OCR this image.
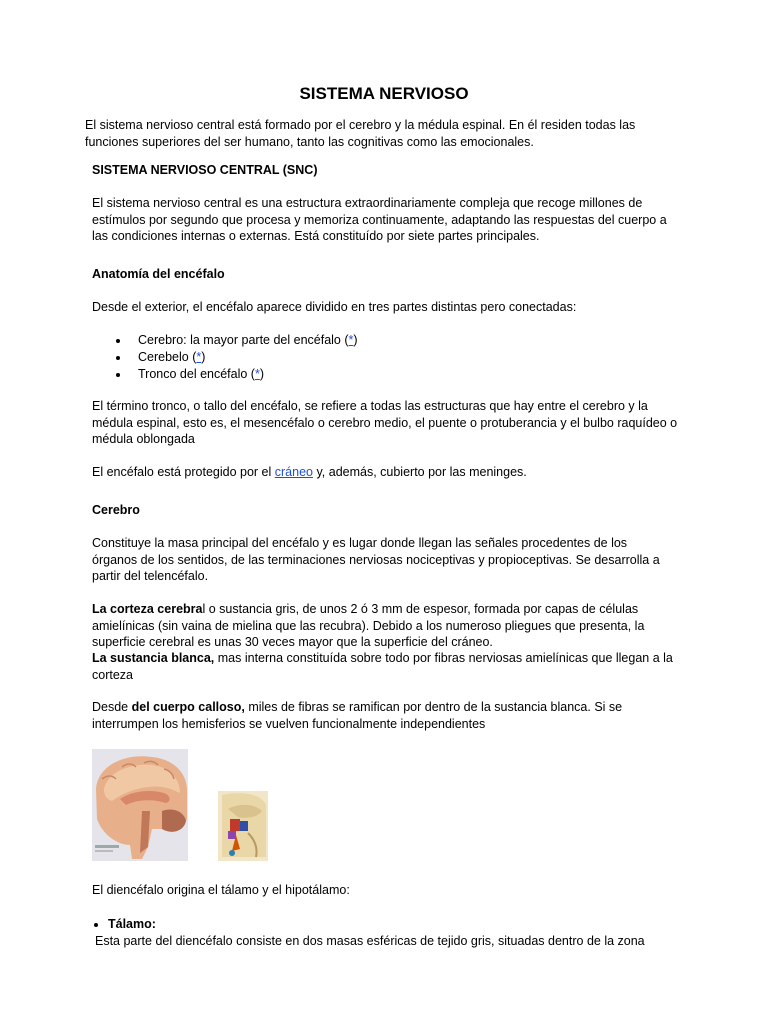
SISTEMA NERVIOSO

El sistema nervioso central está formado por el cerebro y la médula espinal. En él residen todas las funciones superiores del ser humano, tanto las cognitivas como las emocionales.

SISTEMA NERVIOSO CENTRAL (SNC)

El sistema nervioso central es una estructura extraordinariamente compleja que recoge millones de estímulos por segundo que procesa y memoriza continuamente, adaptando las respuestas del cuerpo a las condiciones internas o externas. Está constituído por siete partes principales.

Anatomía del encéfalo

Desde el exterior, el encéfalo aparece dividido en tres partes distintas pero conectadas:

Cerebro: la mayor parte del encéfalo (*)
Cerebelo (*)
Tronco del encéfalo (*)

El término tronco, o tallo del encéfalo, se refiere a todas las estructuras que hay entre el cerebro y la médula espinal, esto es, el mesencéfalo o cerebro medio, el puente o protuberancia y el bulbo raquídeo o médula oblongada

El encéfalo está protegido por el cráneo y, además, cubierto por las meninges.

Cerebro

Constituye la masa principal del encéfalo y es lugar donde llegan las señales procedentes de los órganos de los sentidos, de las terminaciones nerviosas nociceptivas y propioceptivas. Se desarrolla a partir del telencéfalo.

La corteza cerebral o sustancia gris, de unos 2 ó 3 mm de espesor, formada por capas de células amielínicas (sin vaina de mielina que las recubra). Debido a los numeroso pliegues que presenta, la superficie cerebral es unas 30 veces mayor que la superficie del cráneo.

La sustancia blanca, mas interna constituída sobre todo por fibras nerviosas amielínicas que llegan a la corteza

Desde del cuerpo calloso, miles de fibras se ramifican por dentro de la sustancia blanca. Si se interrumpen los hemisferios se vuelven funcionalmente independientes

El diencéfalo origina el tálamo y el hipotálamo:

Tálamo:

Esta parte del diencéfalo consiste en dos masas esféricas de tejido gris, situadas dentro de la zona
